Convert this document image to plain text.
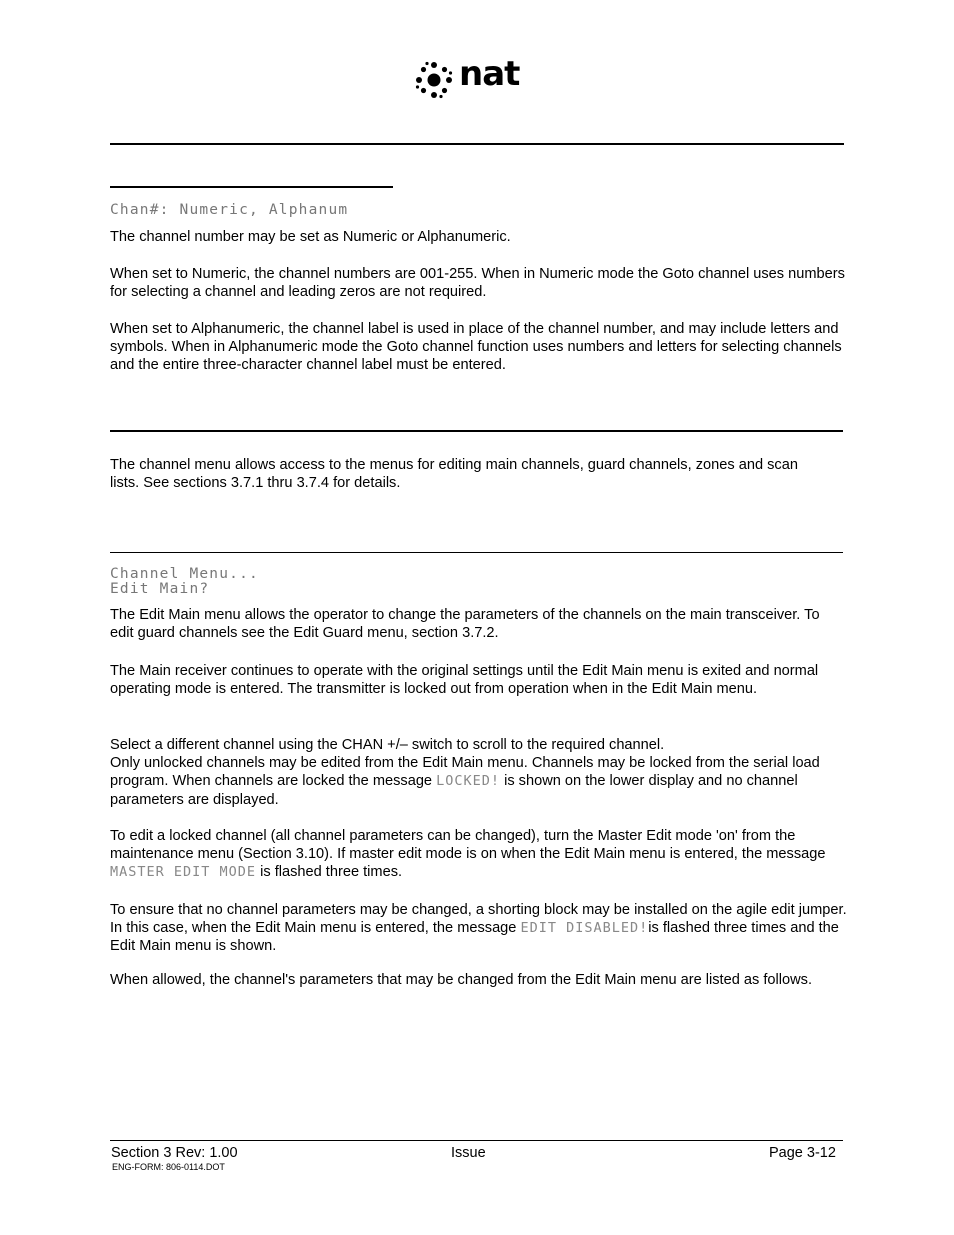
nat
Chan#: Numeric, Alphanum

The channel number may be set as Numeric or Alphanumeric.

When set to Numeric, the channel numbers are 001-255. When in Numeric mode the Goto channel uses numbers for selecting a channel and leading zeros are not required.

When set to Alphanumeric, the channel label is used in place of the channel number, and may include letters and symbols. When in Alphanumeric mode the Goto channel function uses numbers and letters for selecting channels and the entire three-character channel label must be entered.

The channel menu allows access to the menus for editing main channels, guard channels, zones and scan lists. See sections 3.7.1 thru 3.7.4 for details.

Channel Menu...
Edit Main?

The Edit Main menu allows the operator to change the parameters of the channels on the main transceiver. To edit guard channels see the Edit Guard menu, section 3.7.2.

The Main receiver continues to operate with the original settings until the Edit Main menu is exited and normal operating mode is entered. The transmitter is locked out from operation when in the Edit Main menu.

Select a different channel using the CHAN +/– switch to scroll to the required channel.
Only unlocked channels may be edited from the Edit Main menu. Channels may be locked from the serial load program. When channels are locked the message LOCKED! is shown on the lower display and no channel parameters are displayed.
To edit a locked channel (all channel parameters can be changed), turn the Master Edit mode 'on' from the maintenance menu (Section 3.10). If master edit mode is on when the Edit Main menu is entered, the message MASTER EDIT MODE is flashed three times.
To ensure that no channel parameters may be changed, a shorting block may be installed on the agile edit jumper. In this case, when the Edit Main menu is entered, the message EDIT DISABLED!is flashed three times and the Edit Main menu is shown.

When allowed, the channel's parameters that may be changed from the Edit Main menu are listed as follows.

Section 3 Rev: 1.00	Issue	Page 3-12
ENG-FORM: 806-0114.DOT
